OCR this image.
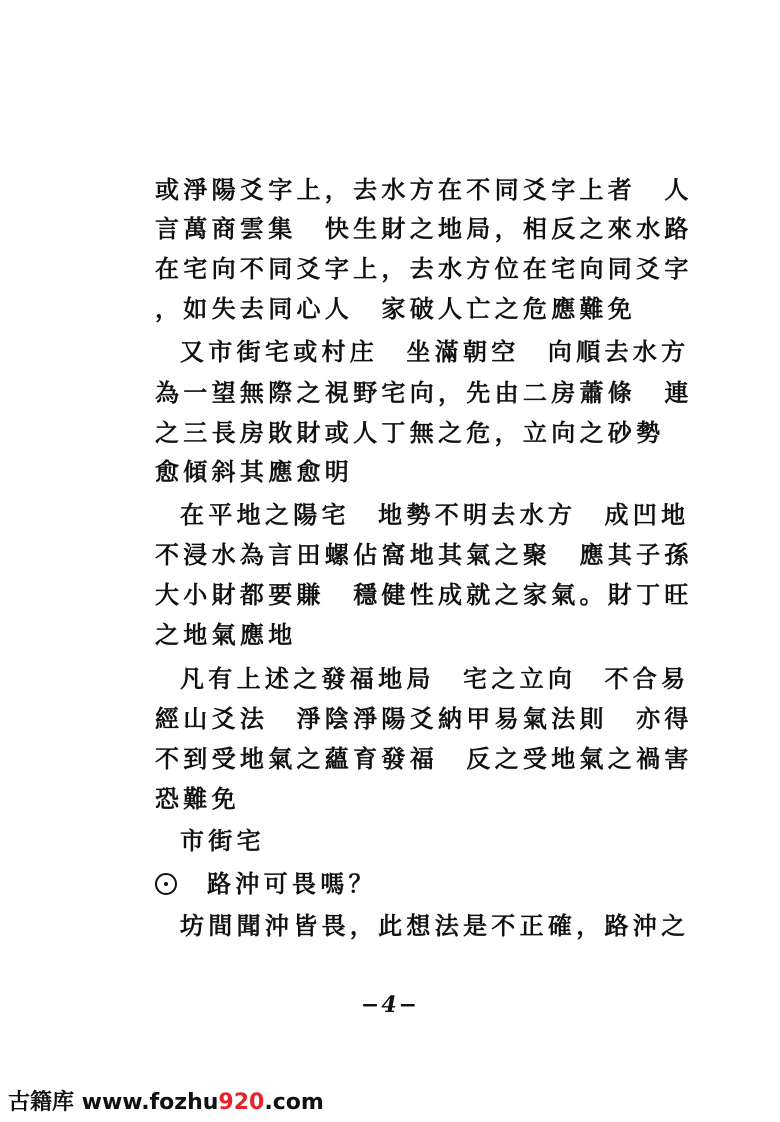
或淨陽爻字上，去水方在不同爻字上者　人
言萬商雲集　快生財之地局，相反之來水路
在宅向不同爻字上，去水方位在宅向同爻字
，如失去同心人　家破人亡之危應難免
又市街宅或村庄　坐滿朝空　向順去水方
為一望無際之視野宅向，先由二房蕭條　連
之三長房敗財或人丁無之危，立向之砂勢
愈傾斜其應愈明
在平地之陽宅　地勢不明去水方　成凹地
不浸水為言田螺佔窩地其氣之聚　應其子孫
大小財都要賺　穩健性成就之家氣。財丁旺
之地氣應地
凡有上述之發福地局　宅之立向　不合易
經山爻法　淨陰淨陽爻納甲易氣法則　亦得
不到受地氣之蘊育發福　反之受地氣之禍害
恐難免
市街宅
路沖可畏嗎？
坊間聞沖皆畏，此想法是不正確，路沖之
−4−
古籍库 www.fozhu920.com
